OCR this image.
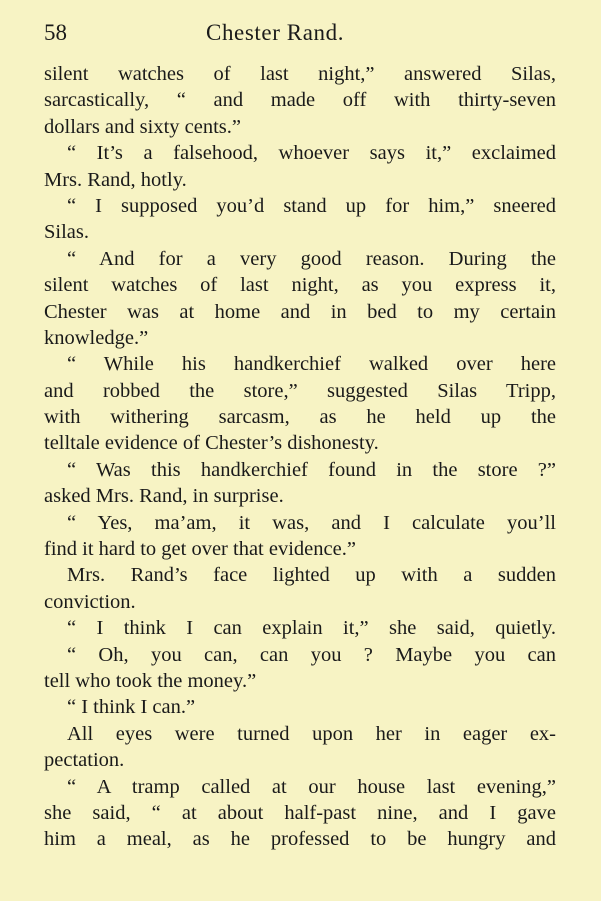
58	Chester Rand.
silent watches of last night,” answered Silas,
sarcastically, “ and made off with thirty-seven
dollars and sixty cents.”
“ It’s a falsehood, whoever says it,” exclaimed
Mrs. Rand, hotly.
“ I supposed you’d stand up for him,” sneered
Silas.
“ And for a very good reason. During the
silent watches of last night, as you express it,
Chester was at home and in bed to my certain
knowledge.”
“ While his handkerchief walked over here
and robbed the store,” suggested Silas Tripp,
with withering sarcasm, as he held up the
telltale evidence of Chester’s dishonesty.
“ Was this handkerchief found in the store ?”
asked Mrs. Rand, in surprise.
“ Yes, ma’am, it was, and I calculate you’ll
find it hard to get over that evidence.”
Mrs. Rand’s face lighted up with a sudden
conviction.
“ I think I can explain it,” she said, quietly.
“ Oh, you can, can you ? Maybe you can
tell who took the money.”
“ I think I can.”
All eyes were turned upon her in eager ex-
pectation.
“ A tramp called at our house last evening,”
she said, “ at about half-past nine, and I gave
him a meal, as he professed to be hungry and
